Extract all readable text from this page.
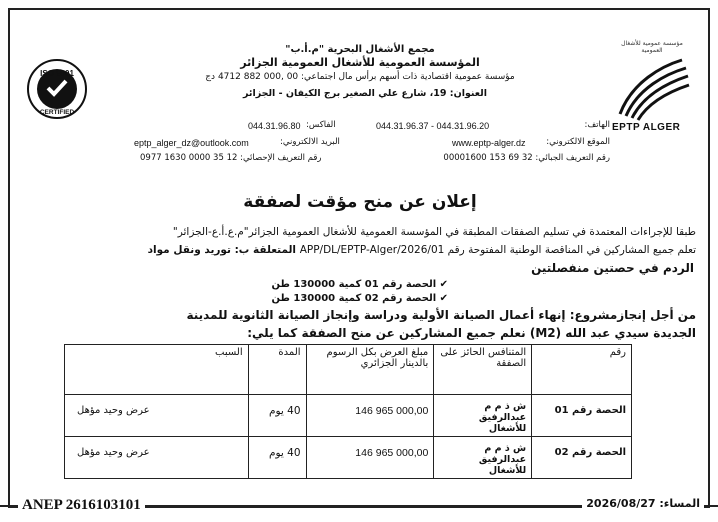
ISO 9001
CERTIFIED
مؤسسة عمومية للأشغال العمومية
EPTP ALGER
مجمع الأشغال البحرية "م.أ.ب"
المؤسسة العمومية للأشغال العمومية الجزائر
مؤسسة عمومية اقتصادية ذات أسهم برأس مال اجتماعي: 00 ,000 882 4712 دج
العنوان: 19، شارع علي الصغير برج الكيفان - الجزائر
الهاتف:
044.31.96.37 - 044.31.96.20
الفاكس:
044.31.96.80
الموقع الالكتروني:
www.eptp-alger.dz
البريد الالكتروني:
eptp_alger_dz@outlook.com
رقم التعريف الجبائي: 32 69 153 00001600
رقم التعريف الإحصائي: 12 35 0000 1630 0977
إعلان عن منح مؤقت لصفقة
طبقا للإجراءات المعتمدة في تسليم الصفقات المطبقة في المؤسسة العمومية للأشغال العمومية الجزائر"م.ع.أ.ع-الجزائر"
تعلم جميع المشاركين في المناقصة الوطنية المفتوحة رقم 01/APP/DL/EPTP-Alger/2026 المتعلقة ب: توريد ونقل مواد
الردم في حصتين منفصلتين
✔ الحصة رقم 01 كمية 130000 طن
✔ الحصة رقم 02 كمية 130000 طن
من أجل إنجازمشروع: إنهاء أعمال الصيانة الأولية ودراسة وإنجاز الصيانة الثانوية للمدينة
الجديدة سيدي عبد الله (M2) نعلم جميع المشاركين عن منح الصفقة كما يلي:
رقم	المتنافس الحائز على الصفقة	مبلغ العرض بكل الرسوم بالدينار الجزائري	المدة	السبب
الحصة رقم 01	ش ذ م م عبدالرفيق للأشغال	146 965 000,00	40 يوم	عرض وحيد مؤهل
الحصة رقم 02	ش ذ م م عبدالرفيق للأشغال	146 965 000,00	40 يوم	عرض وحيد مؤهل
ANEP 2616103101	المساء: 2026/08/27
